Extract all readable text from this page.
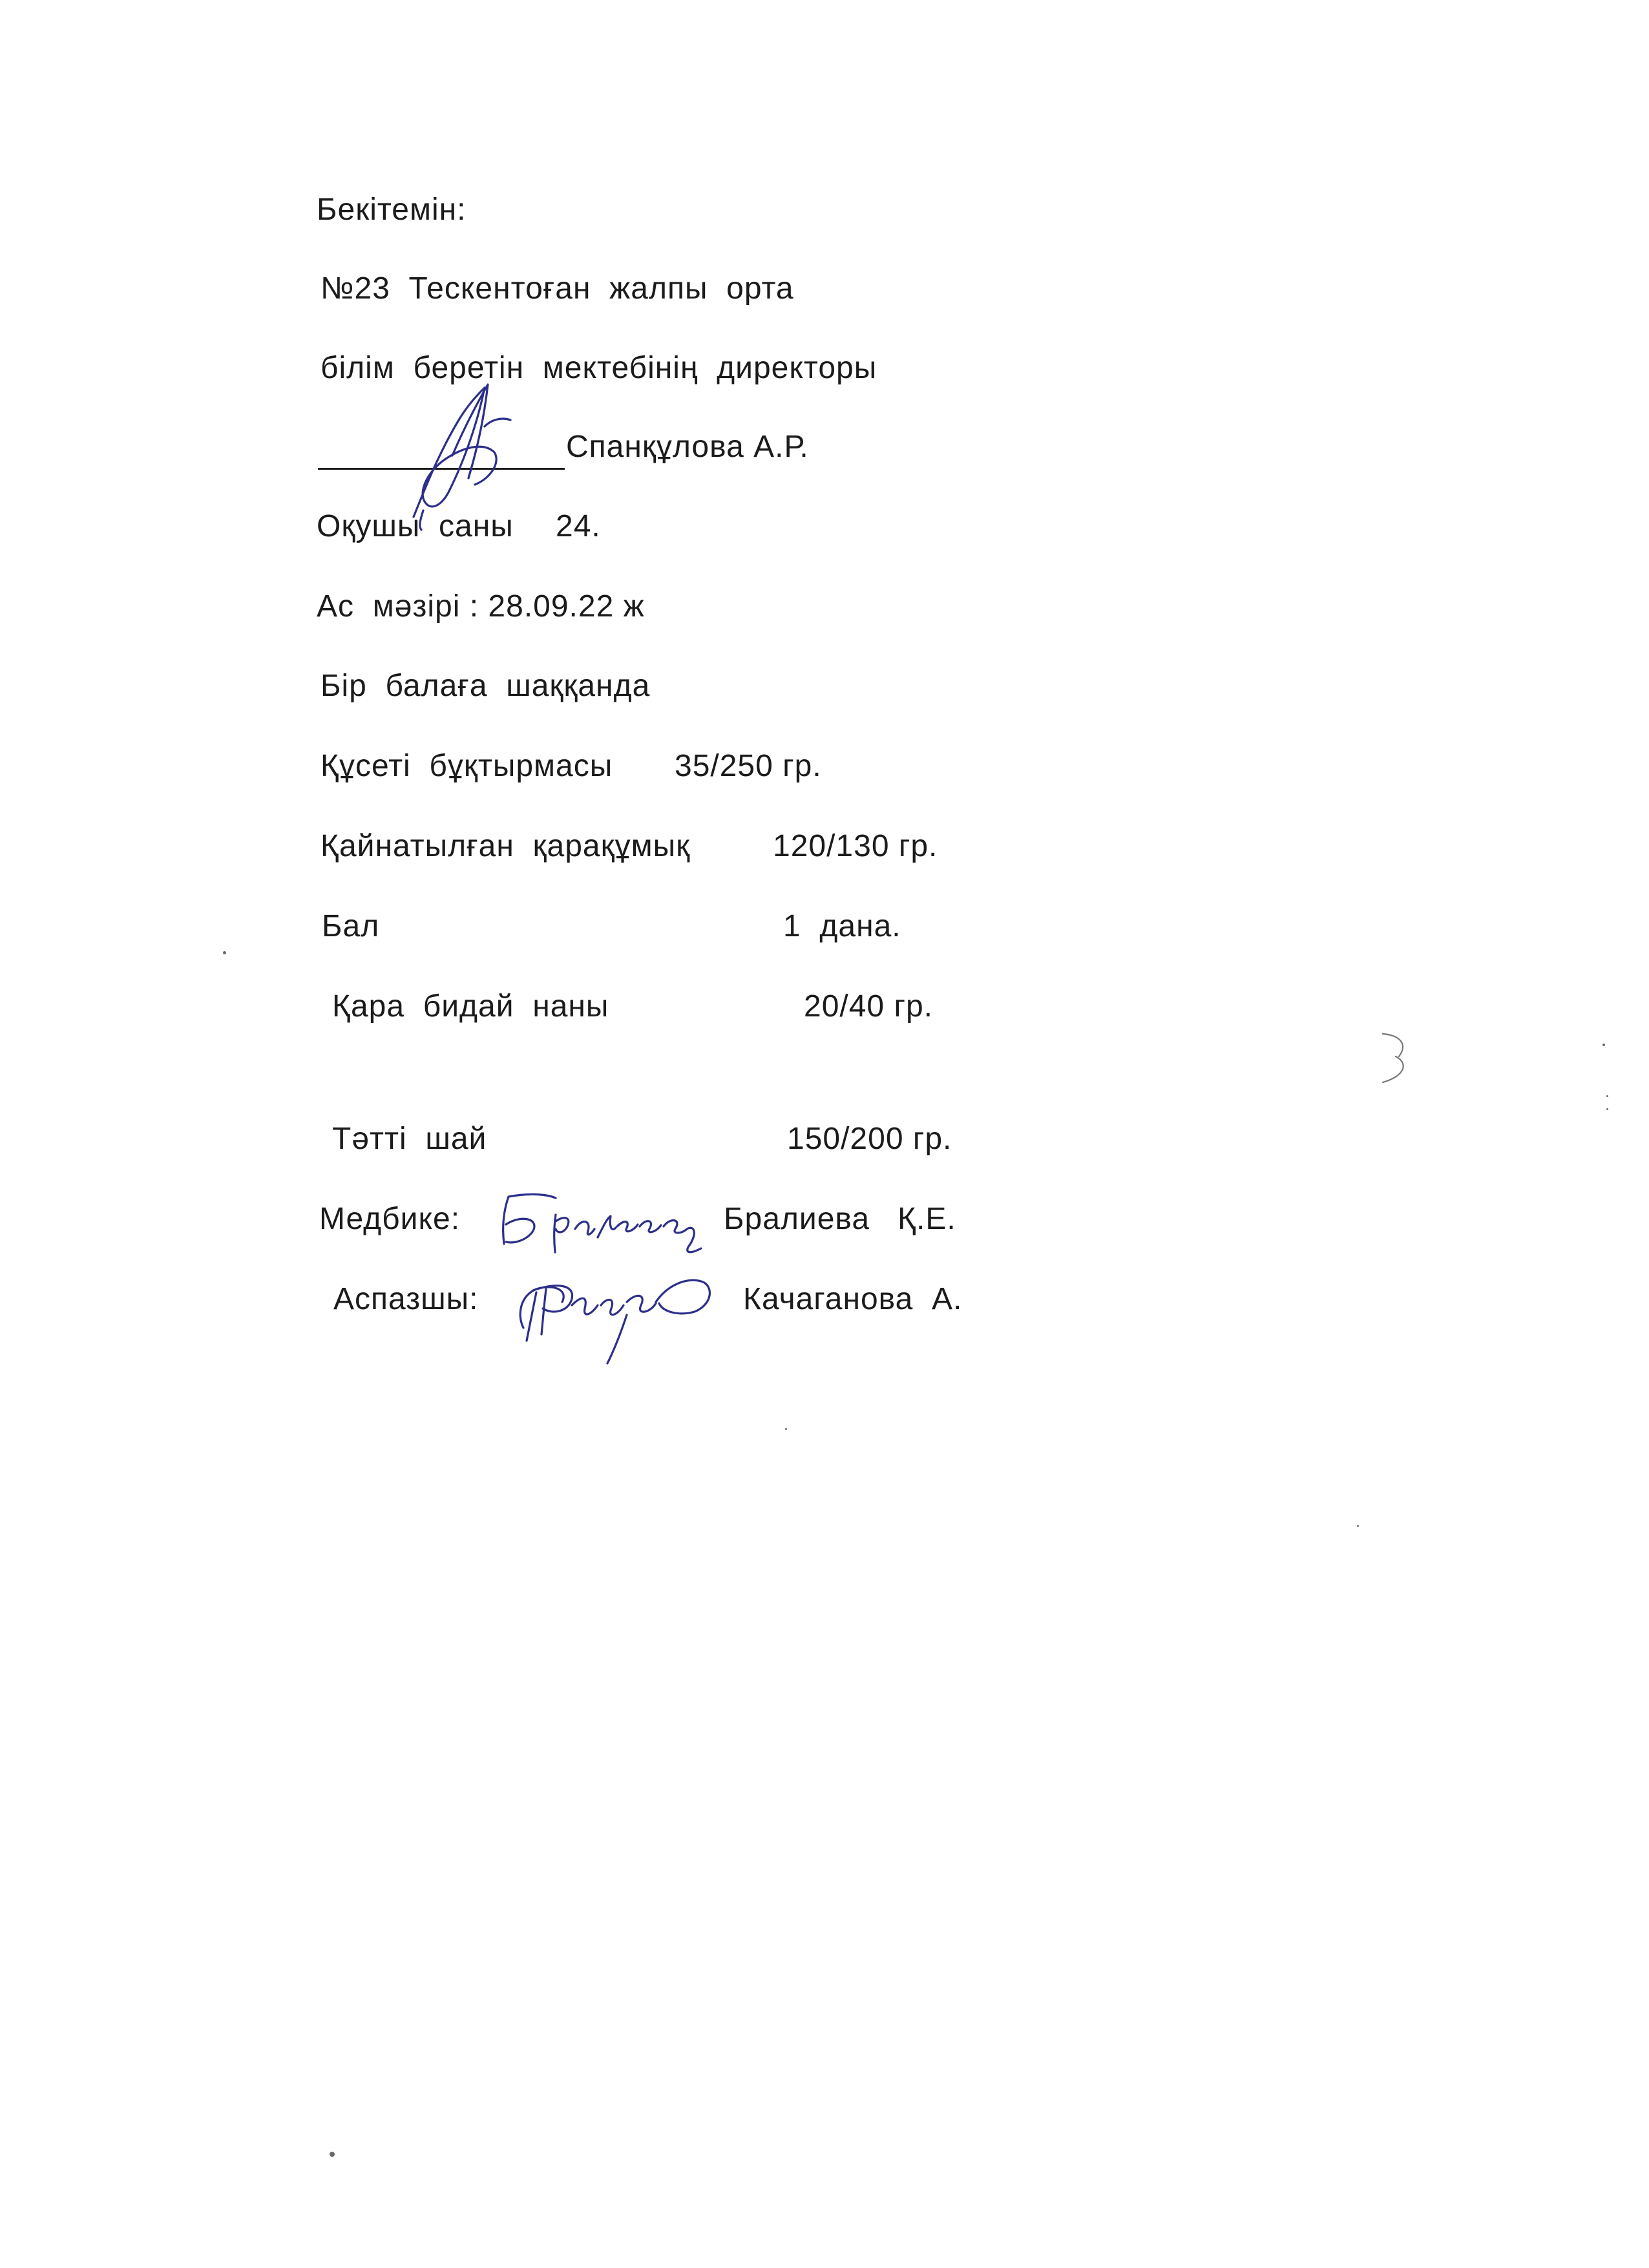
Бекітемін:
№23  Тескентоған  жалпы  орта
білім  беретін  мектебінің  директоры
Спанқұлова А.Р.
Оқушы  саны 24.
Ас  мәзірі : 28.09.22 ж
Бір  балаға  шаққанда
Құсеті  бұқтырмасы 35/250 гр.
Қайнатылған  қарақұмық	120/130 гр.
Бал	1  дана.
Қара  бидай  наны	20/40 гр.
Тәтті  шай	150/200 гр.
Медбике:	Бралиева   Қ.Е.
Аспазшы:	Качаганова  А.
